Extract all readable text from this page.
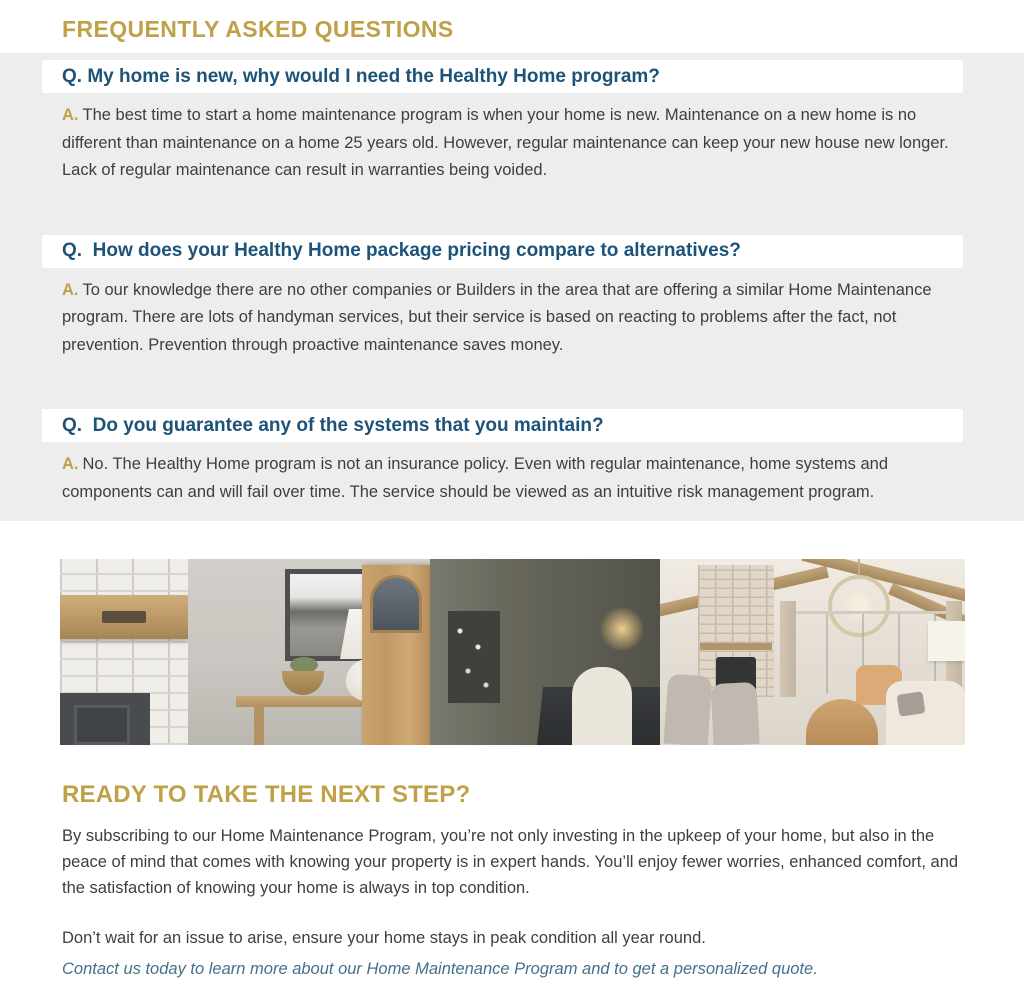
FREQUENTLY ASKED QUESTIONS
Q. My home is new, why would I need the Healthy Home program?

A. The best time to start a home maintenance program is when your home is new. Maintenance on a new home is no different than maintenance on a home 25 years old. However, regular maintenance can keep your new house new longer. Lack of regular maintenance can result in warranties being voided.

Q.  How does your Healthy Home package pricing compare to alternatives?

A. To our knowledge there are no other companies or Builders in the area that are offering a similar Home Maintenance program. There are lots of handyman services, but their service is based on reacting to problems after the fact, not prevention. Prevention through proactive maintenance saves money.

Q.  Do you guarantee any of the systems that you maintain?

A. No. The Healthy Home program is not an insurance policy. Even with regular maintenance, home systems and components can and will fail over time. The service should be viewed as an intuitive risk management program.

READY TO TAKE THE NEXT STEP?

By subscribing to our Home Maintenance Program, you’re not only investing in the upkeep of your home, but also in the peace of mind that comes with knowing your property is in expert hands. You’ll enjoy fewer worries, enhanced comfort, and the satisfaction of knowing your home is always in top condition.

Don’t wait for an issue to arise, ensure your home stays in peak condition all year round.

Contact us today to learn more about our Home Maintenance Program and to get a personalized quote.
